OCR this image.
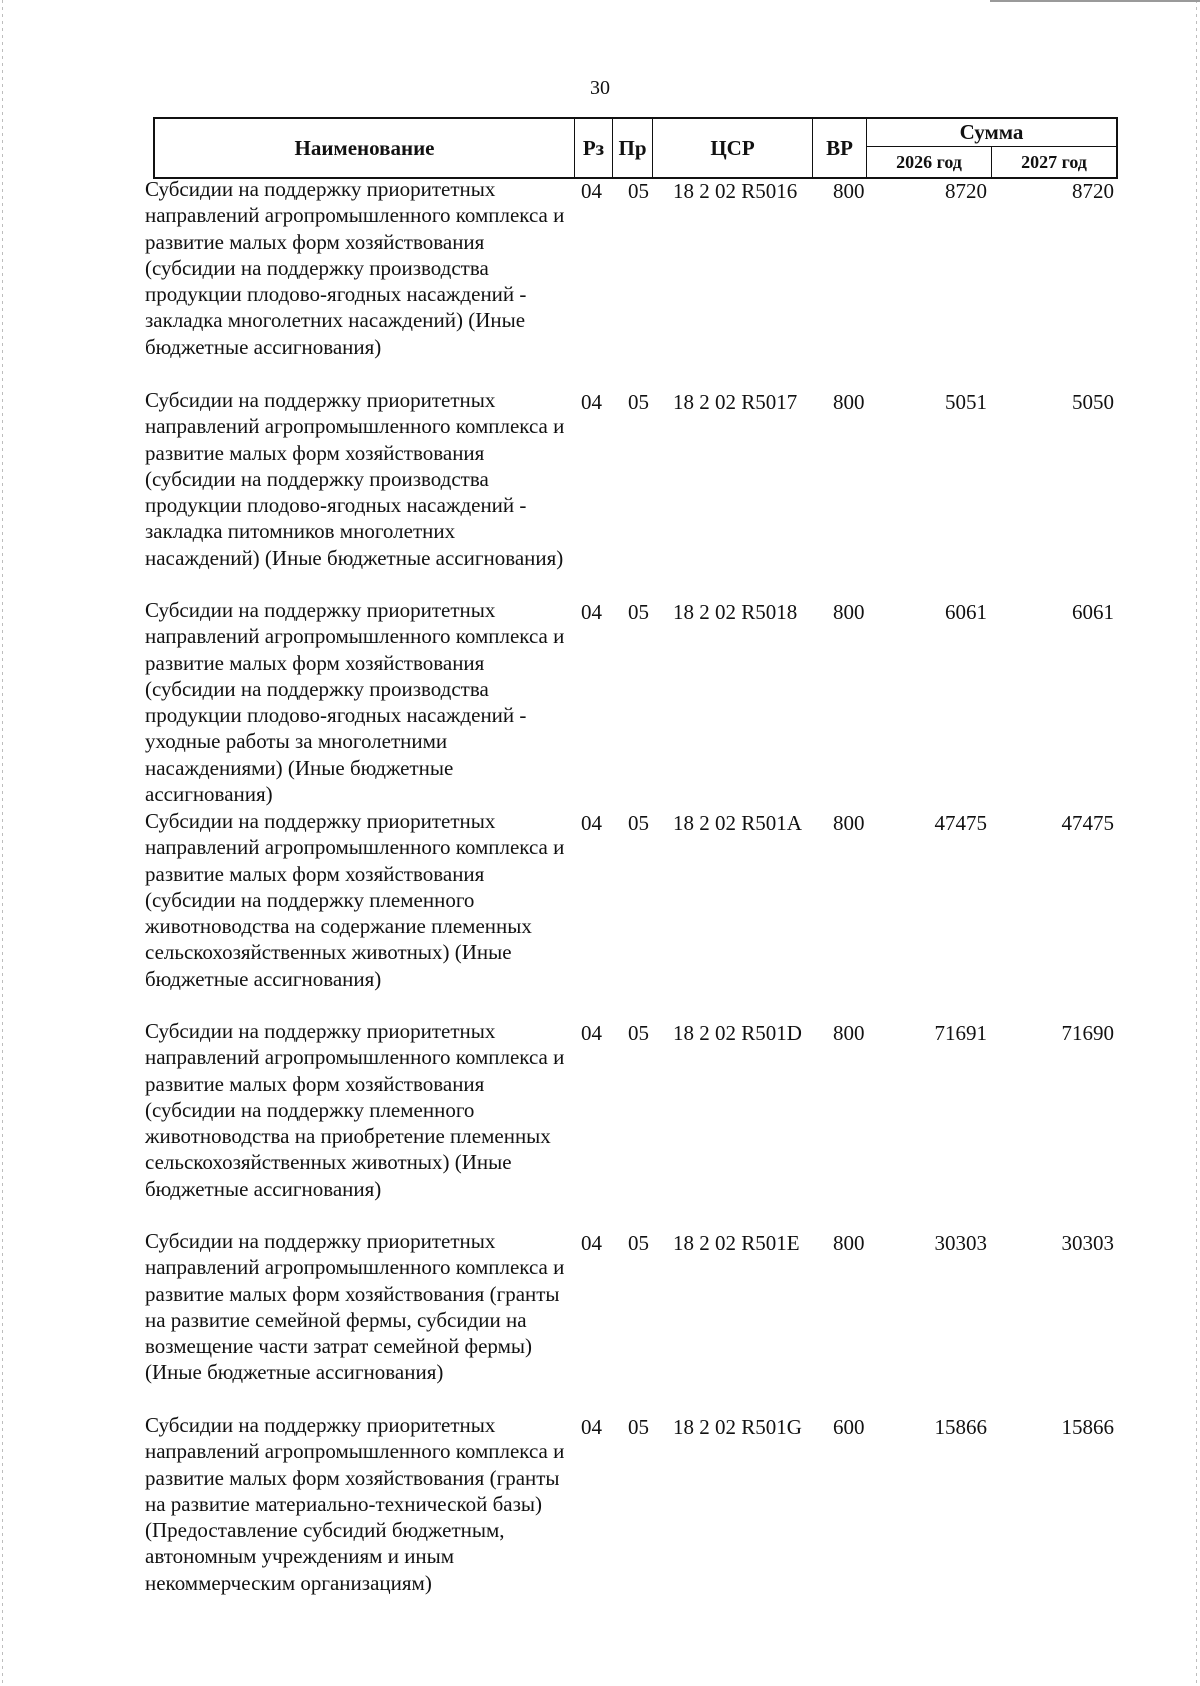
30
Наименование	Рз Пр	ЦСР	ВР
Сумма
2026 год	2027 год
Субсидии на поддержку приоритетных направлений агропромышленного комплекса и развитие малых форм хозяйствования (субсидии на поддержку производства продукции плодово-ягодных насаждений - закладка многолетних насаждений) (Иные бюджетные ассигнования)
04 05 18 2 02 R5016 800	8720	8720
Субсидии на поддержку приоритетных направлений агропромышленного комплекса и развитие малых форм хозяйствования (субсидии на поддержку производства продукции плодово-ягодных насаждений - закладка питомников многолетних насаждений) (Иные бюджетные ассигнования)
04 05 18 2 02 R5017 800	5051	5050
Субсидии на поддержку приоритетных направлений агропромышленного комплекса и развитие малых форм хозяйствования (субсидии на поддержку производства продукции плодово-ягодных насаждений - уходные работы за многолетними насаждениями) (Иные бюджетные ассигнования)
04 05 18 2 02 R5018 800	6061	6061
Субсидии на поддержку приоритетных направлений агропромышленного комплекса и развитие малых форм хозяйствования (субсидии на поддержку племенного животноводства на содержание племенных сельскохозяйственных животных) (Иные бюджетные ассигнования)
04 05 18 2 02 R501A 800	47475	47475
Субсидии на поддержку приоритетных направлений агропромышленного комплекса и развитие малых форм хозяйствования (субсидии на поддержку племенного животноводства на приобретение племенных сельскохозяйственных животных) (Иные бюджетные ассигнования)
04 05 18 2 02 R501D 800	71691	71690
Субсидии на поддержку приоритетных направлений агропромышленного комплекса и развитие малых форм хозяйствования (гранты на развитие семейной фермы, субсидии на возмещение части затрат семейной фермы) (Иные бюджетные ассигнования)
04 05 18 2 02 R501E 800	30303	30303
Субсидии на поддержку приоритетных направлений агропромышленного комплекса и развитие малых форм хозяйствования (гранты на развитие материально-технической базы) (Предоставление субсидий бюджетным, автономным учреждениям и иным некоммерческим организациям)
04 05 18 2 02 R501G 600	15866	15866
